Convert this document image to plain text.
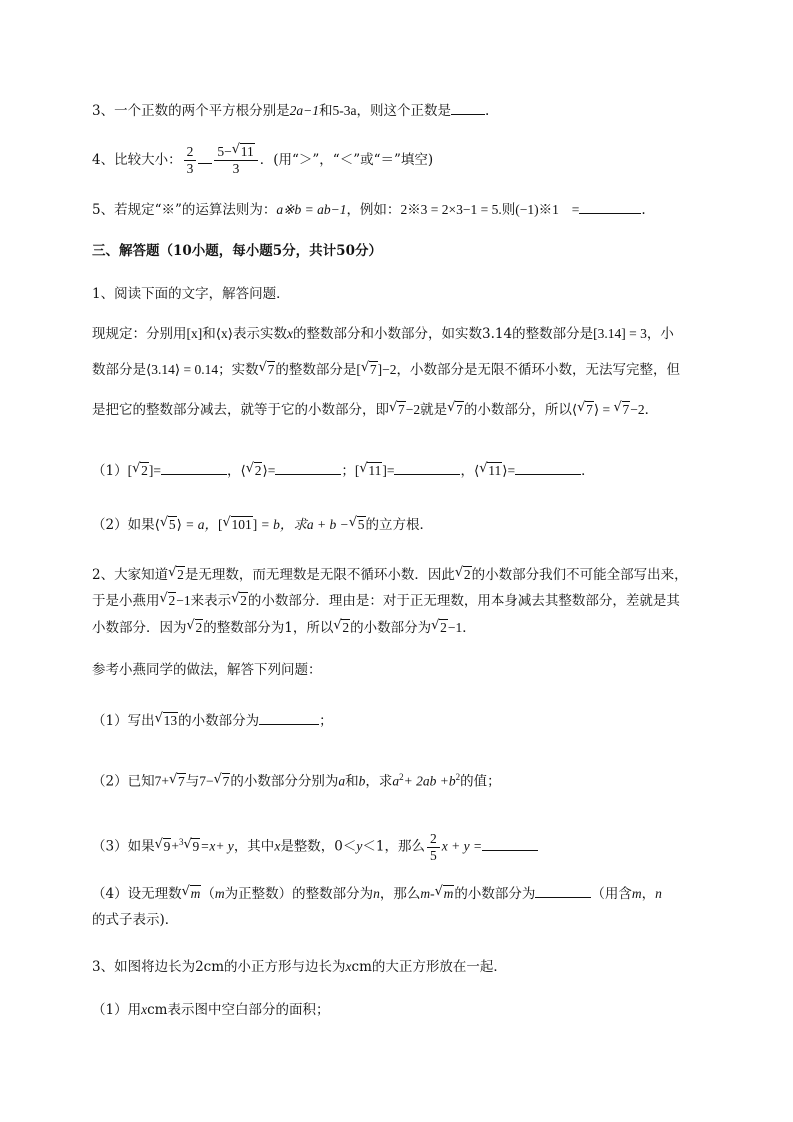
3、一个正数的两个平方根分别是2a−1和5-3a，则这个正数是	.
4、比较大小： $\frac{2}{3} \frac{5- √ 11}{3}$ ．(用“＞”，“＜”或“＝”填空)
5、若规定“※”的运算法则为：a※b = ab−1，例如：2※3 = 2×3−1 = 5.则(−1)※1 =	.
三、解答题（10小题，每小题5分，共计50分）
1、阅读下面的文字，解答问题．
现规定：分别用[x]和⟨x⟩表示实数x的整数部分和小数部分，如实数3.14的整数部分是[3.14] = 3，小
数部分是⟨3.14⟩ = 0.14；实数 √ 7的整数部分是[ √ 7]−2，小数部分是无限不循环小数，无法写完整，但
是把它的整数部分减去，就等于它的小数部分，即 √ 7−2就是 √ 7的小数部分，所以⟨ √ 7⟩ = √ 7−2．
（1）[ √ 2]=	，⟨ √ 2⟩=	；[ √ 11]=	，⟨ √ 11⟩=	．
（2）如果⟨ √ 5⟩ = a，[ √ 101] = b，求a + b − √ 5的立方根．
2、大家知道 √ 2是无理数，而无理数是无限不循环小数．因此 √ 2的小数部分我们不可能全部写出来，
于是小燕用 √ 2−1来表示 √ 2的小数部分．理由是：对于正无理数，用本身减去其整数部分，差就是其
小数部分．因为 √ 2的整数部分为1，所以 √ 2的小数部分为 √ 2−1．
参考小燕同学的做法，解答下列问题：
（1）写出 √ 13的小数部分为	；
（2）已知7+ √ 7与7− √ 7的小数部分分别为a和b，求$a^2+ 2ab +b^2$的值；
（3）如果 √ 9+$^3$ √ 9=x+ y，其中x是整数，0＜y＜1，那么 $\frac{2}{5}$ x + y =
（4）设无理数 √ m（m为正整数）的整数部分为n，那么m- √ m的小数部分为	（用含m，n
的式子表示)．
3、如图将边长为2cm的小正方形与边长为xcm的大正方形放在一起．
（1）用xcm表示图中空白部分的面积；
